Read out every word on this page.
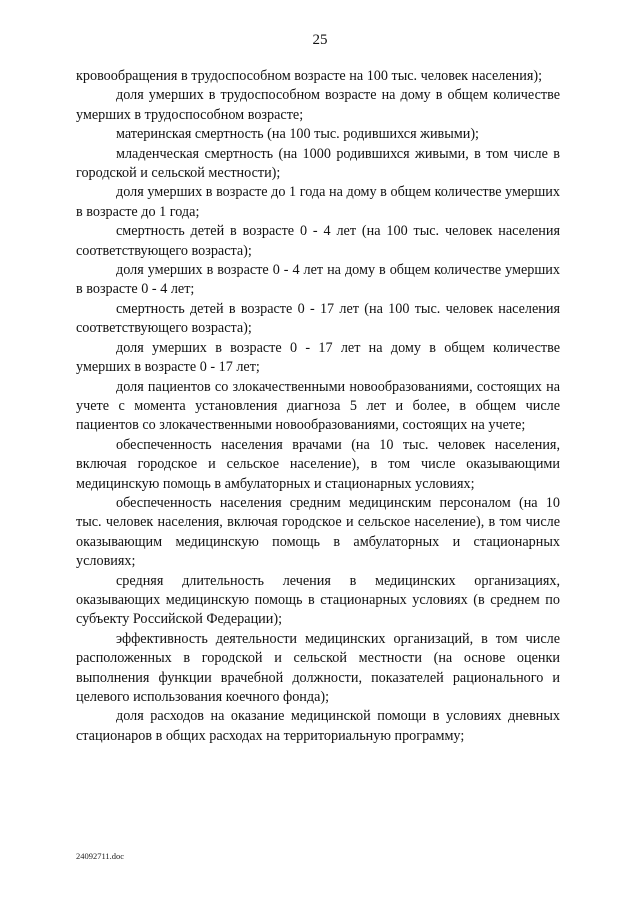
25

кровообращения в трудоспособном возрасте на 100 тыс. человек населения);

доля умерших в трудоспособном возрасте на дому в общем количестве умерших в трудоспособном возрасте;

материнская смертность (на 100 тыс. родившихся живыми);

младенческая смертность (на 1000 родившихся живыми, в том числе в городской и сельской местности);

доля умерших в возрасте до 1 года на дому в общем количестве умерших в возрасте до 1 года;

смертность детей в возрасте 0 - 4 лет (на 100 тыс. человек населения соответствующего возраста);

доля умерших в возрасте 0 - 4 лет на дому в общем количестве умерших в возрасте 0 - 4 лет;

смертность детей в возрасте 0 - 17 лет (на 100 тыс. человек населения соответствующего возраста);

доля умерших в возрасте 0 - 17 лет на дому в общем количестве умерших в возрасте 0 - 17 лет;

доля пациентов со злокачественными новообразованиями, состоящих на учете с момента установления диагноза 5 лет и более, в общем числе пациентов со злокачественными новообразованиями, состоящих на учете;

обеспеченность населения врачами (на 10 тыс. человек населения, включая городское и сельское население), в том числе оказывающими медицинскую помощь в амбулаторных и стационарных условиях;

обеспеченность населения средним медицинским персоналом (на 10 тыс. человек населения, включая городское и сельское население), в том числе оказывающим медицинскую помощь в амбулаторных и стационарных условиях;

средняя длительность лечения в медицинских организациях, оказывающих медицинскую помощь в стационарных условиях (в среднем по субъекту Российской Федерации);

эффективность деятельности медицинских организаций, в том числе расположенных в городской и сельской местности (на основе оценки выполнения функции врачебной должности, показателей рационального и целевого использования коечного фонда);

доля расходов на оказание медицинской помощи в условиях дневных стационаров в общих расходах на территориальную программу;

24092711.doc
